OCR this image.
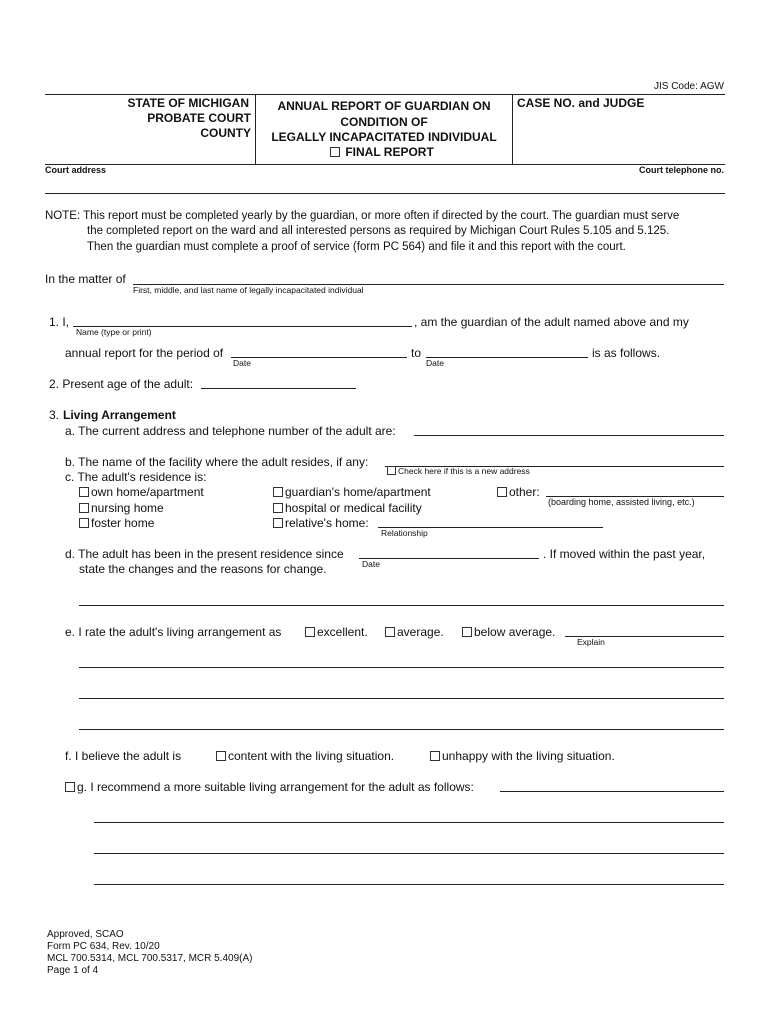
JIS Code: AGW
STATE OF MICHIGAN
PROBATE COURT
COUNTY
ANNUAL REPORT OF GUARDIAN ON
CONDITION OF
LEGALLY INCAPACITATED INDIVIDUAL
FINAL REPORT
CASE NO. and JUDGE
Court address	Court telephone no.
NOTE: This report must be completed yearly by the guardian, or more often if directed by the court. The guardian must serve
the completed report on the ward and all interested persons as required by Michigan Court Rules 5.105 and 5.125.
Then the guardian must complete a proof of service (form PC 564) and file it and this report with the court.
In the matter of
First, middle, and last name of legally incapacitated individual
1. I,
Name (type or print)
, am the guardian of the adult named above and my
annual report for the period of
Date
to
Date
is as follows.
2. Present age of the adult:
3. Living Arrangement
a. The current address and telephone number of the adult are:
b. The name of the facility where the adult resides, if any:
Check here if this is a new address
c. The adult's residence is:
own home/apartment
nursing home
foster home
guardian's home/apartment
hospital or medical facility
relative's home:
Relationship
other:
(boarding home, assisted living, etc.)
d. The adult has been in the present residence since
Date
. If moved within the past year,
state the changes and the reasons for change.
e. I rate the adult's living arrangement as	excellent.	average.	below average.
Explain
f. I believe the adult is	content with the living situation.	unhappy with the living situation.
g. I recommend a more suitable living arrangement for the adult as follows:
Approved, SCAO
Form PC 634, Rev. 10/20
MCL 700.5314, MCL 700.5317, MCR 5.409(A)
Page 1 of 4
